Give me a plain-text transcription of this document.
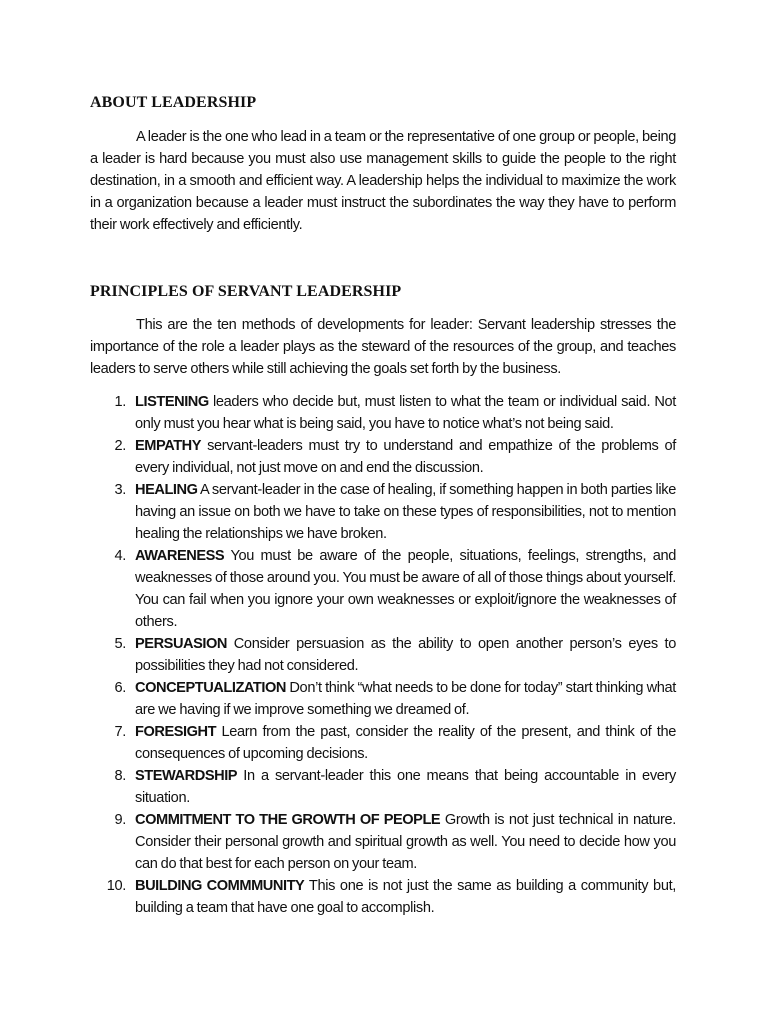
ABOUT LEADERSHIP

A leader is the one who lead in a team or the representative of one group or people, being a leader is hard because you must also use management skills to guide the people to the right destination, in a smooth and efficient way. A leadership helps the individual to maximize the work in a organization because a leader must instruct the subordinates the way they have to perform their work effectively and efficiently.

PRINCIPLES OF SERVANT LEADERSHIP

This are the ten methods of developments for leader: Servant leadership stresses the importance of the role a leader plays as the steward of the resources of the group, and teaches leaders to serve others while still achieving the goals set forth by the business.

1. LISTENING leaders who decide but, must listen to what the team or individual said. Not only must you hear what is being said, you have to notice what’s not being said.
2. EMPATHY servant-leaders must try to understand and empathize of the problems of every individual, not just move on and end the discussion.
3. HEALING A servant-leader in the case of healing, if something happen in both parties like having an issue on both we have to take on these types of responsibilities, not to mention healing the relationships we have broken.
4. AWARENESS You must be aware of the people, situations, feelings, strengths, and weaknesses of those around you. You must be aware of all of those things about yourself. You can fail when you ignore your own weaknesses or exploit/ignore the weaknesses of others.
5. PERSUASION Consider persuasion as the ability to open another person’s eyes to possibilities they had not considered.
6. CONCEPTUALIZATION Don’t think “what needs to be done for today” start thinking what are we having if we improve something we dreamed of.
7. FORESIGHT Learn from the past, consider the reality of the present, and think of the consequences of upcoming decisions.
8. STEWARDSHIP In a servant-leader this one means that being accountable in every situation.
9. COMMITMENT TO THE GROWTH OF PEOPLE Growth is not just technical in nature. Consider their personal growth and spiritual growth as well. You need to decide how you can do that best for each person on your team.
10. BUILDING COMMMUNITY This one is not just the same as building a community but, building a team that have one goal to accomplish.
